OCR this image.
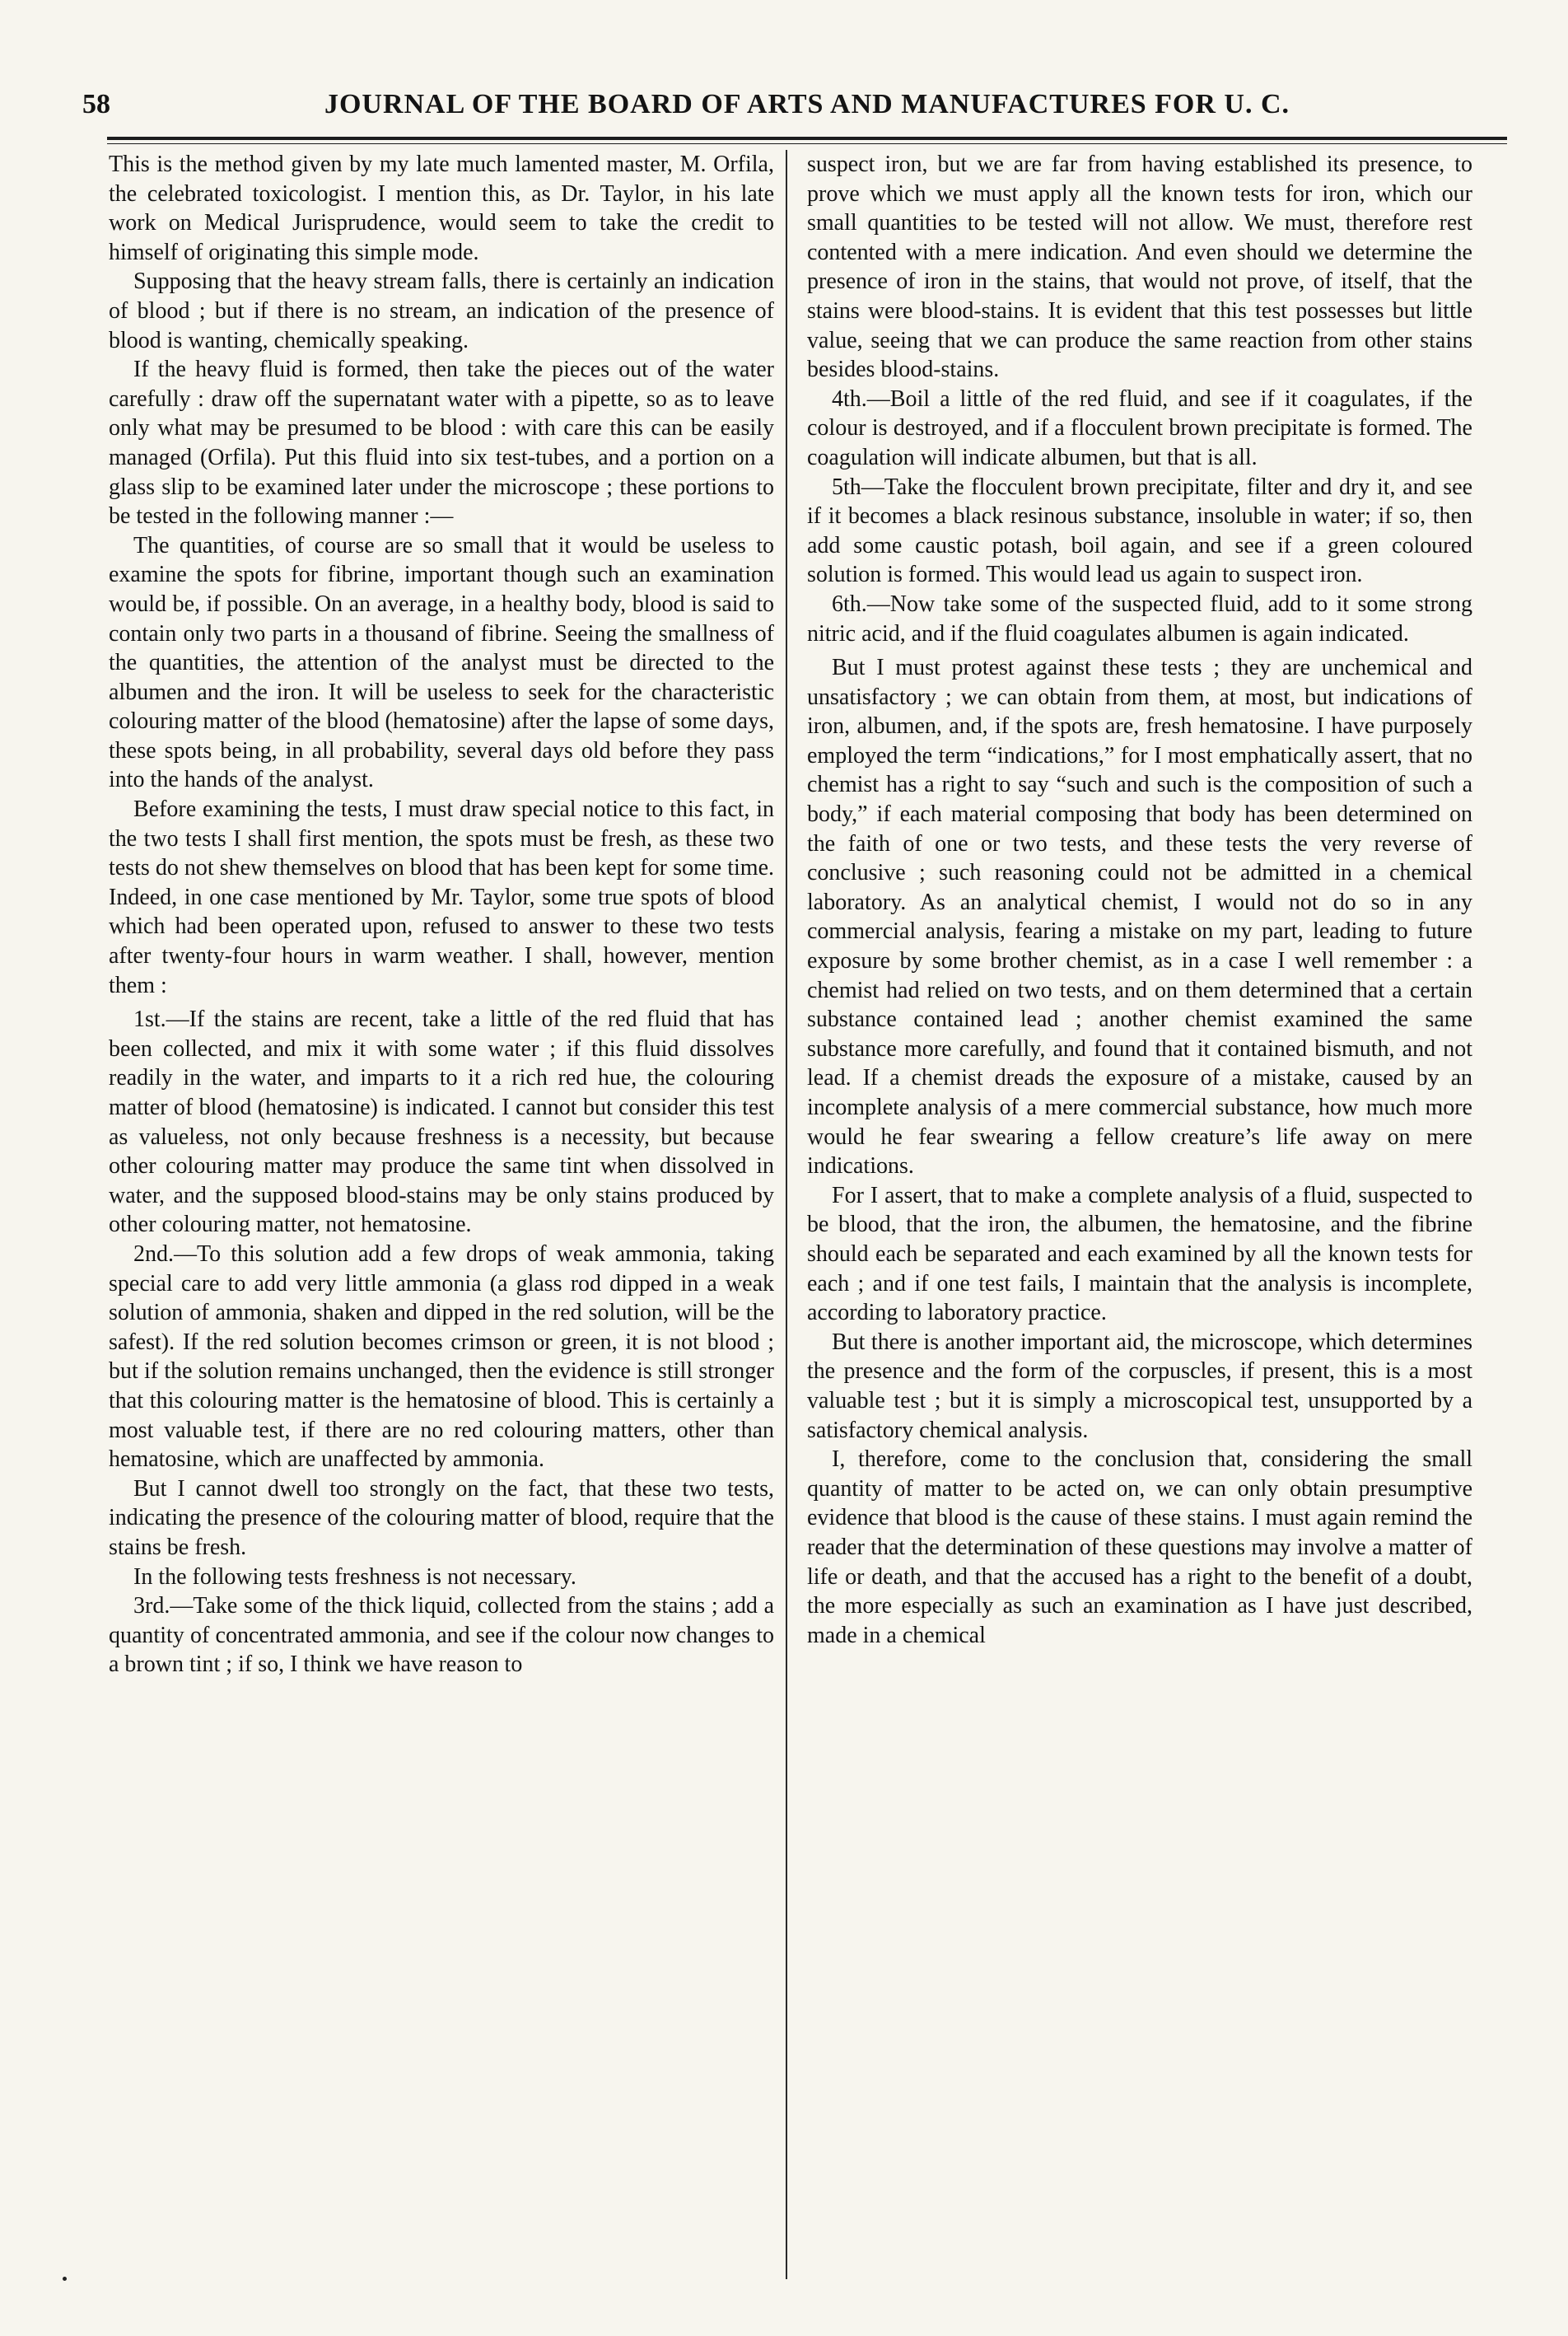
58	JOURNAL OF THE BOARD OF ARTS AND MANUFACTURES FOR U. C.

This is the method given by my late much lamented master, M. Orfila, the celebrated toxicologist. I mention this, as Dr. Taylor, in his late work on Medical Jurisprudence, would seem to take the credit to himself of originating this simple mode.

Supposing that the heavy stream falls, there is certainly an indication of blood ; but if there is no stream, an indication of the presence of blood is wanting, chemically speaking.

If the heavy fluid is formed, then take the pieces out of the water carefully : draw off the supernatant water with a pipette, so as to leave only what may be presumed to be blood : with care this can be easily managed (Orfila). Put this fluid into six test-tubes, and a portion on a glass slip to be examined later under the microscope ; these portions to be tested in the following manner :—

The quantities, of course are so small that it would be useless to examine the spots for fibrine, important though such an examination would be, if possible. On an average, in a healthy body, blood is said to contain only two parts in a thousand of fibrine. Seeing the smallness of the quantities, the attention of the analyst must be directed to the albumen and the iron. It will be useless to seek for the characteristic colouring matter of the blood (hematosine) after the lapse of some days, these spots being, in all probability, several days old before they pass into the hands of the analyst.

Before examining the tests, I must draw special notice to this fact, in the two tests I shall first mention, the spots must be fresh, as these two tests do not shew themselves on blood that has been kept for some time. Indeed, in one case mentioned by Mr. Taylor, some true spots of blood which had been operated upon, refused to answer to these two tests after twenty-four hours in warm weather. I shall, however, mention them :

1st.—If the stains are recent, take a little of the red fluid that has been collected, and mix it with some water ; if this fluid dissolves readily in the water, and imparts to it a rich red hue, the colouring matter of blood (hematosine) is indicated. I cannot but consider this test as valueless, not only because freshness is a necessity, but because other colouring matter may produce the same tint when dissolved in water, and the supposed blood-stains may be only stains produced by other colouring matter, not hematosine.

2nd.—To this solution add a few drops of weak ammonia, taking special care to add very little ammonia (a glass rod dipped in a weak solution of ammonia, shaken and dipped in the red solution, will be the safest). If the red solution becomes crimson or green, it is not blood ; but if the solution remains unchanged, then the evidence is still stronger that this colouring matter is the hematosine of blood. This is certainly a most valuable test, if there are no red colouring matters, other than hematosine, which are unaffected by ammonia.

But I cannot dwell too strongly on the fact, that these two tests, indicating the presence of the colouring matter of blood, require that the stains be fresh.

In the following tests freshness is not necessary.

3rd.—Take some of the thick liquid, collected from the stains ; add a quantity of concentrated ammonia, and see if the colour now changes to a brown tint ; if so, I think we have reason to

suspect iron, but we are far from having established its presence, to prove which we must apply all the known tests for iron, which our small quantities to be tested will not allow. We must, therefore rest contented with a mere indication. And even should we determine the presence of iron in the stains, that would not prove, of itself, that the stains were blood-stains. It is evident that this test possesses but little value, seeing that we can produce the same reaction from other stains besides blood-stains.

4th.—Boil a little of the red fluid, and see if it coagulates, if the colour is destroyed, and if a flocculent brown precipitate is formed. The coagulation will indicate albumen, but that is all.

5th—Take the flocculent brown precipitate, filter and dry it, and see if it becomes a black resinous substance, insoluble in water; if so, then add some caustic potash, boil again, and see if a green coloured solution is formed. This would lead us again to suspect iron.

6th.—Now take some of the suspected fluid, add to it some strong nitric acid, and if the fluid coagulates albumen is again indicated.

But I must protest against these tests ; they are unchemical and unsatisfactory ; we can obtain from them, at most, but indications of iron, albumen, and, if the spots are, fresh hematosine. I have purposely employed the term “indications,” for I most emphatically assert, that no chemist has a right to say “such and such is the composition of such a body,” if each material composing that body has been determined on the faith of one or two tests, and these tests the very reverse of conclusive ; such reasoning could not be admitted in a chemical laboratory. As an analytical chemist, I would not do so in any commercial analysis, fearing a mistake on my part, leading to future exposure by some brother chemist, as in a case I well remember : a chemist had relied on two tests, and on them determined that a certain substance contained lead ; another chemist examined the same substance more carefully, and found that it contained bismuth, and not lead. If a chemist dreads the exposure of a mistake, caused by an incomplete analysis of a mere commercial substance, how much more would he fear swearing a fellow creature’s life away on mere indications.

For I assert, that to make a complete analysis of a fluid, suspected to be blood, that the iron, the albumen, the hematosine, and the fibrine should each be separated and each examined by all the known tests for each ; and if one test fails, I maintain that the analysis is incomplete, according to laboratory practice.

But there is another important aid, the microscope, which determines the presence and the form of the corpuscles, if present, this is a most valuable test ; but it is simply a microscopical test, unsupported by a satisfactory chemical analysis.

I, therefore, come to the conclusion that, considering the small quantity of matter to be acted on, we can only obtain presumptive evidence that blood is the cause of these stains. I must again remind the reader that the determination of these questions may involve a matter of life or death, and that the accused has a right to the benefit of a doubt, the more especially as such an examination as I have just described, made in a chemical
